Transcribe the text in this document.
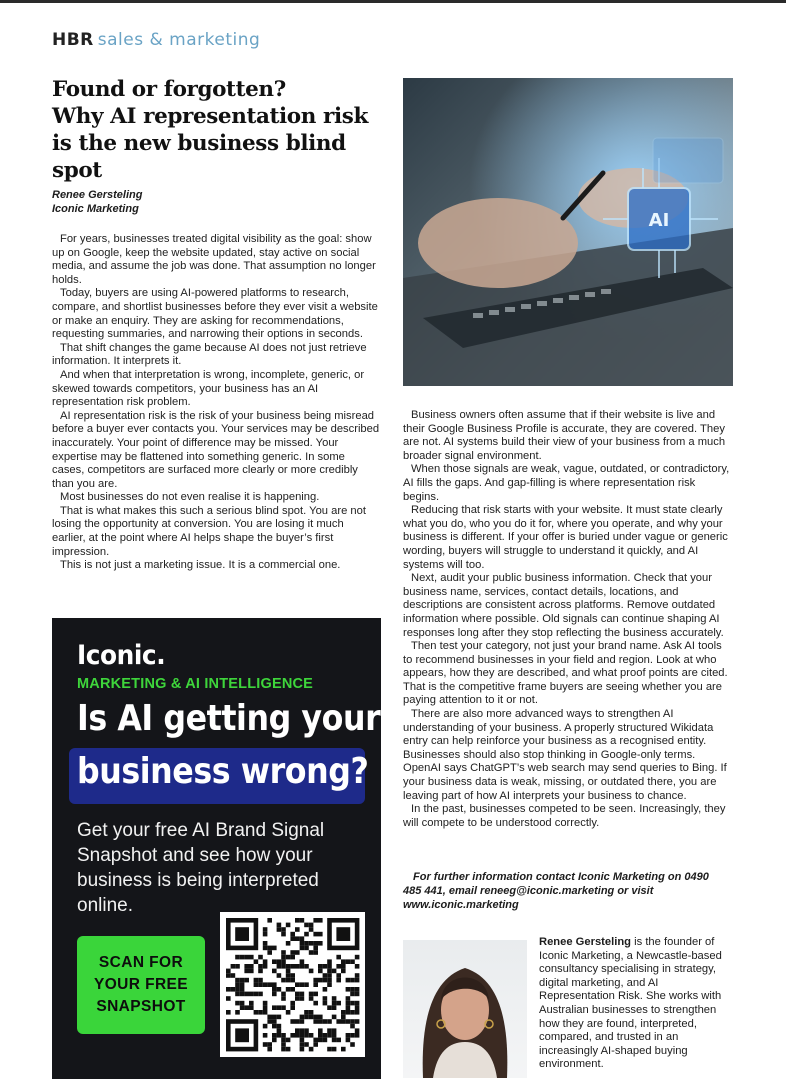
HBR sales & marketing
Found or forgotten?
Why AI representation risk is the new business blind spot
Renee Gersteling
Iconic Marketing

For years, businesses treated digital visibility as the goal: show up on Google, keep the website updated, stay active on social media, and assume the job was done. That assumption no longer holds.

Today, buyers are using AI-powered platforms to research, compare, and shortlist businesses before they ever visit a website or make an enquiry. They are asking for recommendations, requesting summaries, and narrowing their options in seconds.

That shift changes the game because AI does not just retrieve information. It interprets it.

And when that interpretation is wrong, incomplete, generic, or skewed towards competitors, your business has an AI representation risk problem.

AI representation risk is the risk of your business being misread before a buyer ever contacts you. Your services may be described inaccurately. Your point of difference may be missed. Your expertise may be flattened into something generic. In some cases, competitors are surfaced more clearly or more credibly than you are.

Most businesses do not even realise it is happening.

That is what makes this such a serious blind spot. You are not losing the opportunity at conversion. You are losing it much earlier, at the point where AI helps shape the buyer’s first impression.

This is not just a marketing issue. It is a commercial one.

AI

Business owners often assume that if their website is live and their Google Business Profile is accurate, they are covered. They are not. AI systems build their view of your business from a much broader signal environment.

When those signals are weak, vague, outdated, or contradictory, AI fills the gaps. And gap-filling is where representation risk begins.

Reducing that risk starts with your website. It must state clearly what you do, who you do it for, where you operate, and why your business is different. If your offer is buried under vague or generic wording, buyers will struggle to understand it quickly, and AI systems will too.

Next, audit your public business information. Check that your business name, services, contact details, locations, and descriptions are consistent across platforms. Remove outdated information where possible. Old signals can continue shaping AI responses long after they stop reflecting the business accurately.

Then test your category, not just your brand name. Ask AI tools to recommend businesses in your field and region. Look at who appears, how they are described, and what proof points are cited. That is the competitive frame buyers are seeing whether you are paying attention to it or not.

There are also more advanced ways to strengthen AI understanding of your business. A properly structured Wikidata entry can help reinforce your business as a recognised entity. Businesses should also stop thinking in Google-only terms. OpenAI says ChatGPT’s web search may send queries to Bing. If your business data is weak, missing, or outdated there, you are leaving part of how AI interprets your business to chance.

In the past, businesses competed to be seen. Increasingly, they will compete to be understood correctly.

For further information contact Iconic Marketing on 0490 485 441, email reneeg@iconic.marketing or visit www.iconic.marketing
Renee Gersteling is the founder of Iconic Marketing, a Newcastle-based consultancy specialising in strategy, digital marketing, and AI Representation Risk. She works with Australian businesses to strengthen how they are found, interpreted, compared, and trusted in an increasingly AI-shaped buying environment.
Iconic.
MARKETING & AI INTELLIGENCE
Is AI getting your
business wrong?
Get your free AI Brand Signal Snapshot and see how your business is being interpreted online.
SCAN FOR
YOUR FREE
SNAPSHOT
